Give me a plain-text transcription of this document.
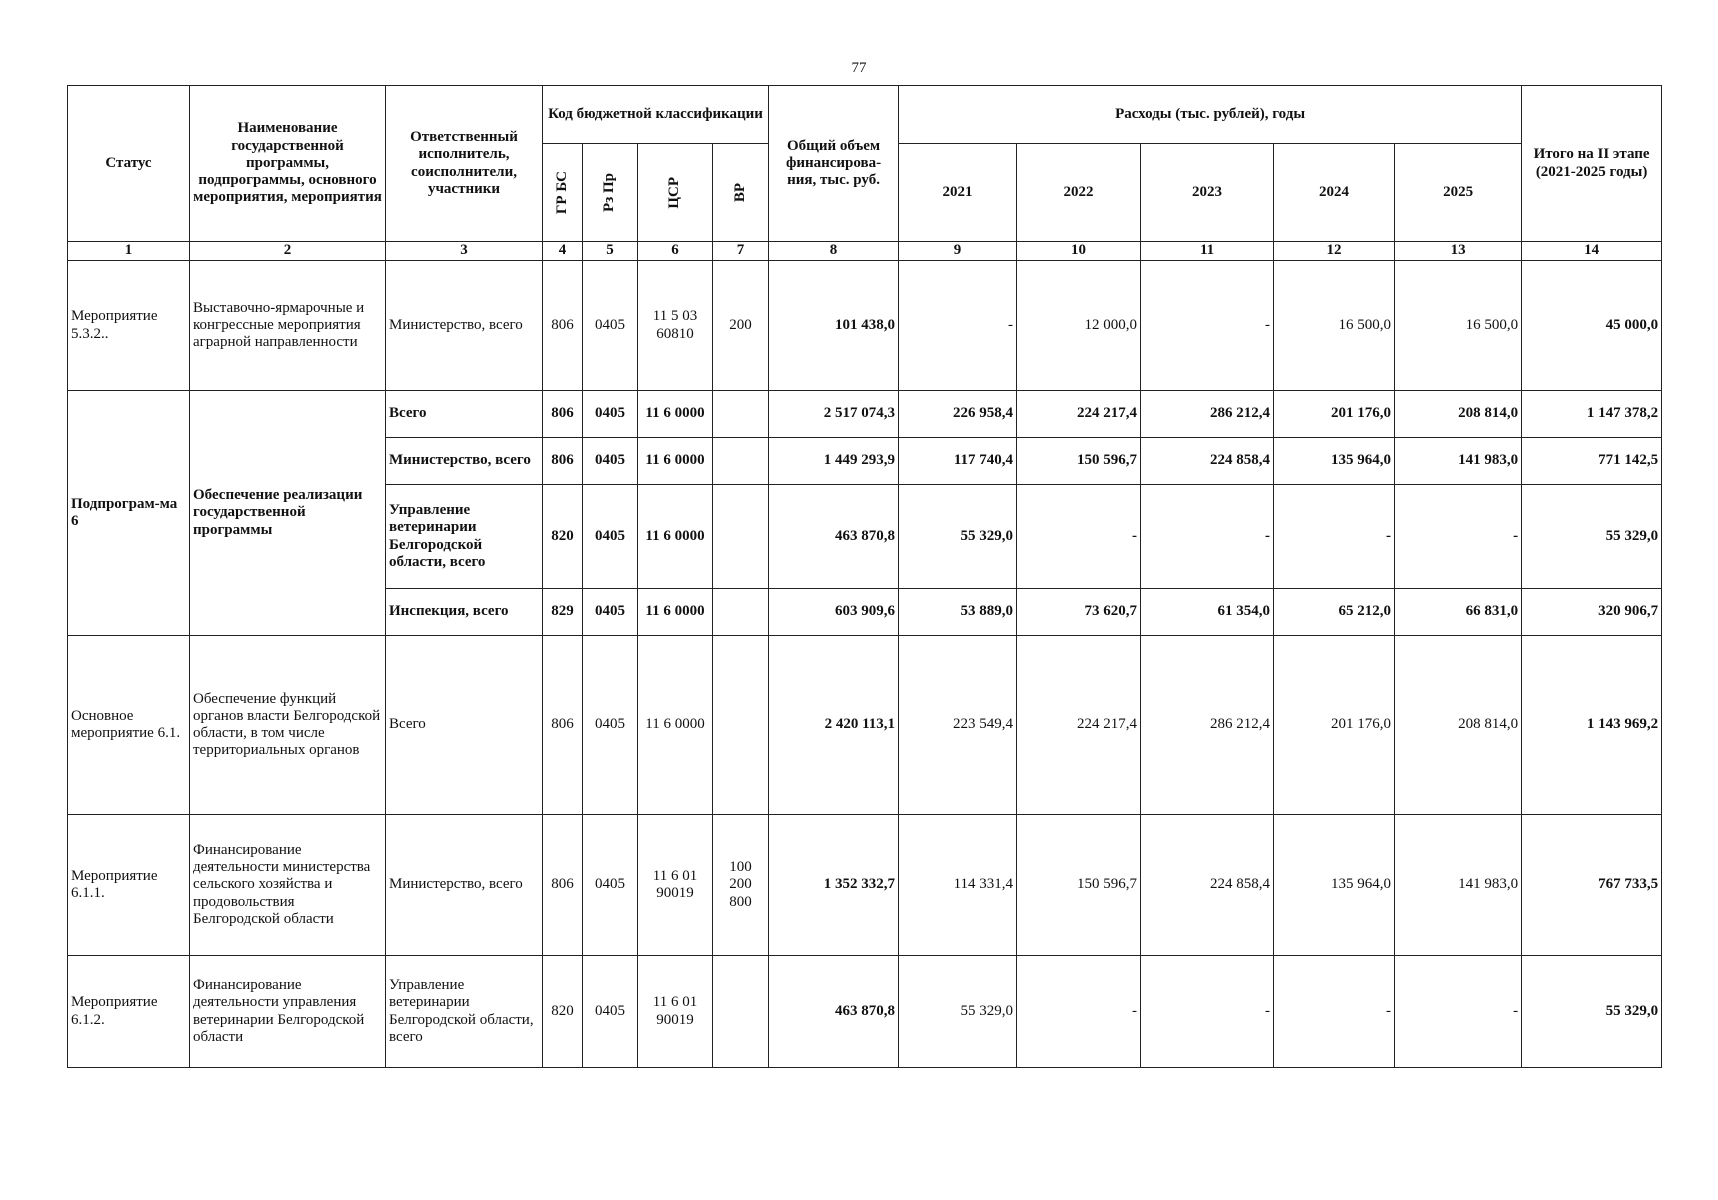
77
Статус	Наименование государственной программы, подпрограммы, основного мероприятия, мероприятия	Ответственный исполнитель, соисполнители, участники	Код бюджетной классификации				Общий объем финансирова-ния, тыс. руб.	Расходы (тыс. рублей), годы					Итого на II этапе (2021-2025 годы)

			ГР БС	Рз Пр	ЦСР	ВР		2021	2022	2023	2024	2025	
1	2	3	4	5	6	7	8	9	10	11	12	13	14
Мероприятие 5.3.2..	Выставочно-ярмарочные и конгрессные мероприятия аграрной направленности	Министерство, всего	806	0405	11 5 03 60810	200	101 438,0	-	12 000,0	-	16 500,0	16 500,0	45 000,0
Подпрограм-ма 6	Обеспечение реализации государственной программы	Всего	806	0405	11 6 0000		2 517 074,3	226 958,4	224 217,4	286 212,4	201 176,0	208 814,0	1 147 378,2
		Министерство, всего	806	0405	11 6 0000		1 449 293,9	117 740,4	150 596,7	224 858,4	135 964,0	141 983,0	771 142,5
		Управление ветеринарии Белгородской области, всего	820	0405	11 6 0000		463 870,8	55 329,0	-	-	-	-	55 329,0
		Инспекция, всего	829	0405	11 6 0000		603 909,6	53 889,0	73 620,7	61 354,0	65 212,0	66 831,0	320 906,7
Основное мероприятие 6.1.	Обеспечение функций органов власти Белгородской области, в том числе территориальных органов	Всего	806	0405	11 6 0000		2 420 113,1	223 549,4	224 217,4	286 212,4	201 176,0	208 814,0	1 143 969,2
Мероприятие 6.1.1.	Финансирование деятельности министерства сельского хозяйства и продовольствия Белгородской области	Министерство, всего	806	0405	11 6 01 90019	100 200 800	1 352 332,7	114 331,4	150 596,7	224 858,4	135 964,0	141 983,0	767 733,5
Мероприятие 6.1.2.	Финансирование деятельности управления ветеринарии Белгородской области	Управление ветеринарии Белгородской области, всего	820	0405	11 6 01 90019		463 870,8	55 329,0	-	-	-	-	55 329,0
